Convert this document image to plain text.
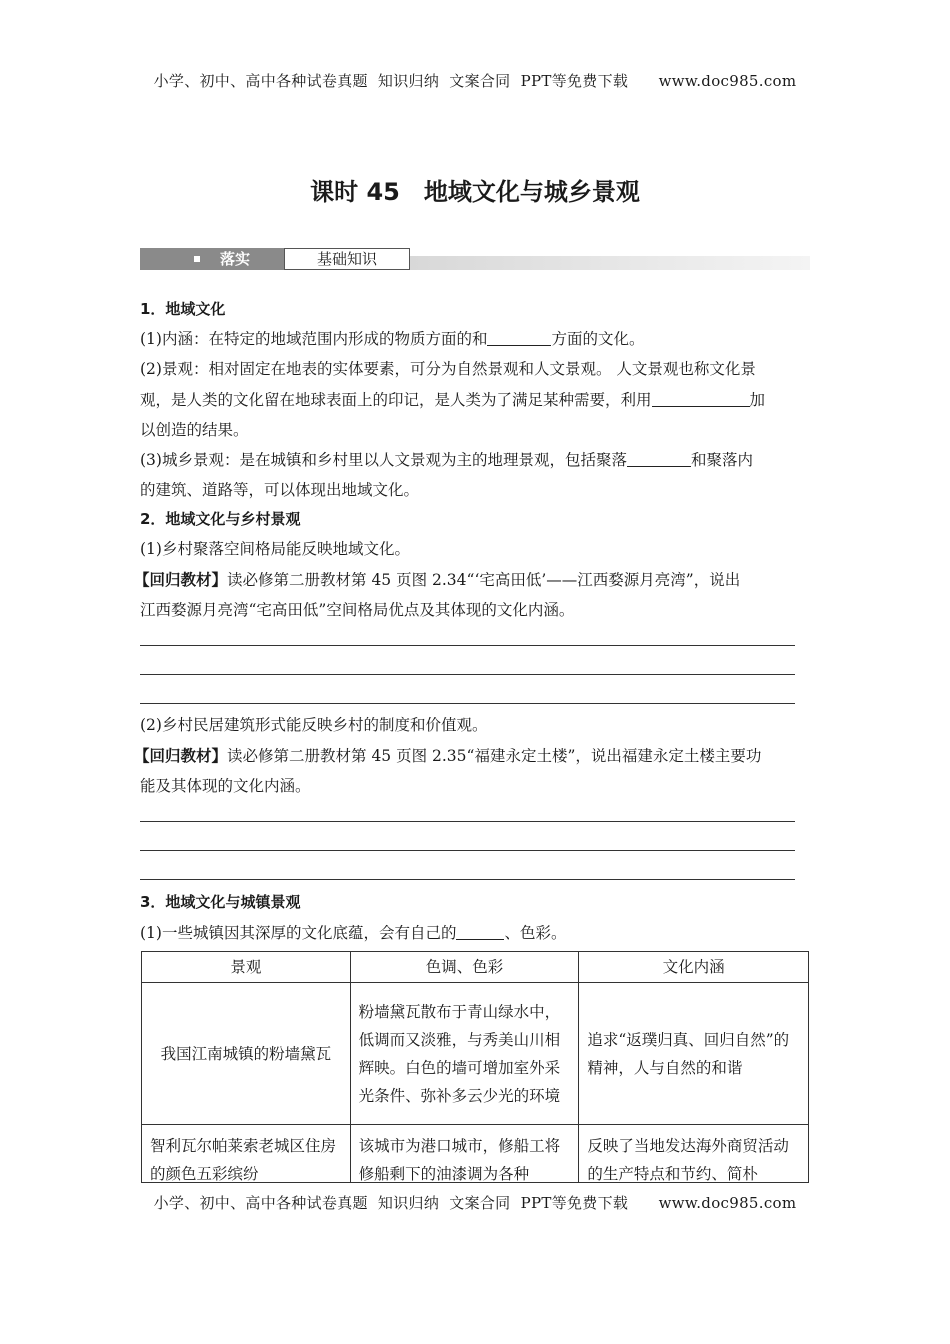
小学、初中、高中各种试卷真题  知识归纳  文案合同  PPT等免费下载      www.doc985.com
课时 45　地域文化与城乡景观
落实	基础知识
1．地域文化
(1)内涵：在特定的地域范围内形成的物质方面的和	方面的文化。
(2)景观：相对固定在地表的实体要素，可分为自然景观和人文景观。 人文景观也称文化景
观，是人类的文化留在地球表面上的印记，是人类为了满足某种需要，利用	加
以创造的结果。
(3)城乡景观：是在城镇和乡村里以人文景观为主的地理景观，包括聚落	和聚落内
的建筑、道路等，可以体现出地域文化。
2．地域文化与乡村景观
(1)乡村聚落空间格局能反映地域文化。
【回归教材】读必修第二册教材第 45 页图 2.34“‘宅高田低’——江西婺源月亮湾”，说出
江西婺源月亮湾“宅高田低”空间格局优点及其体现的文化内涵。
(2)乡村民居建筑形式能反映乡村的制度和价值观。
【回归教材】读必修第二册教材第 45 页图 2.35“福建永定土楼”，说出福建永定土楼主要功
能及其体现的文化内涵。
3．地域文化与城镇景观
(1)一些城镇因其深厚的文化底蕴，会有自己的	、色彩。
景观	色调、色彩	文化内涵
我国江南城镇的粉墙黛瓦	粉墙黛瓦散布于青山绿水中，低调而又淡雅，与秀美山川相辉映。白色的墙可增加室外采光条件、弥补多云少光的环境	追求“返璞归真、回归自然”的精神，人与自然的和谐
智利瓦尔帕莱索老城区住房的颜色五彩缤纷	该城市为港口城市，修船工将修船剩下的油漆调为各种	反映了当地发达海外商贸活动的生产特点和节约、简朴
小学、初中、高中各种试卷真题  知识归纳  文案合同  PPT等免费下载      www.doc985.com
